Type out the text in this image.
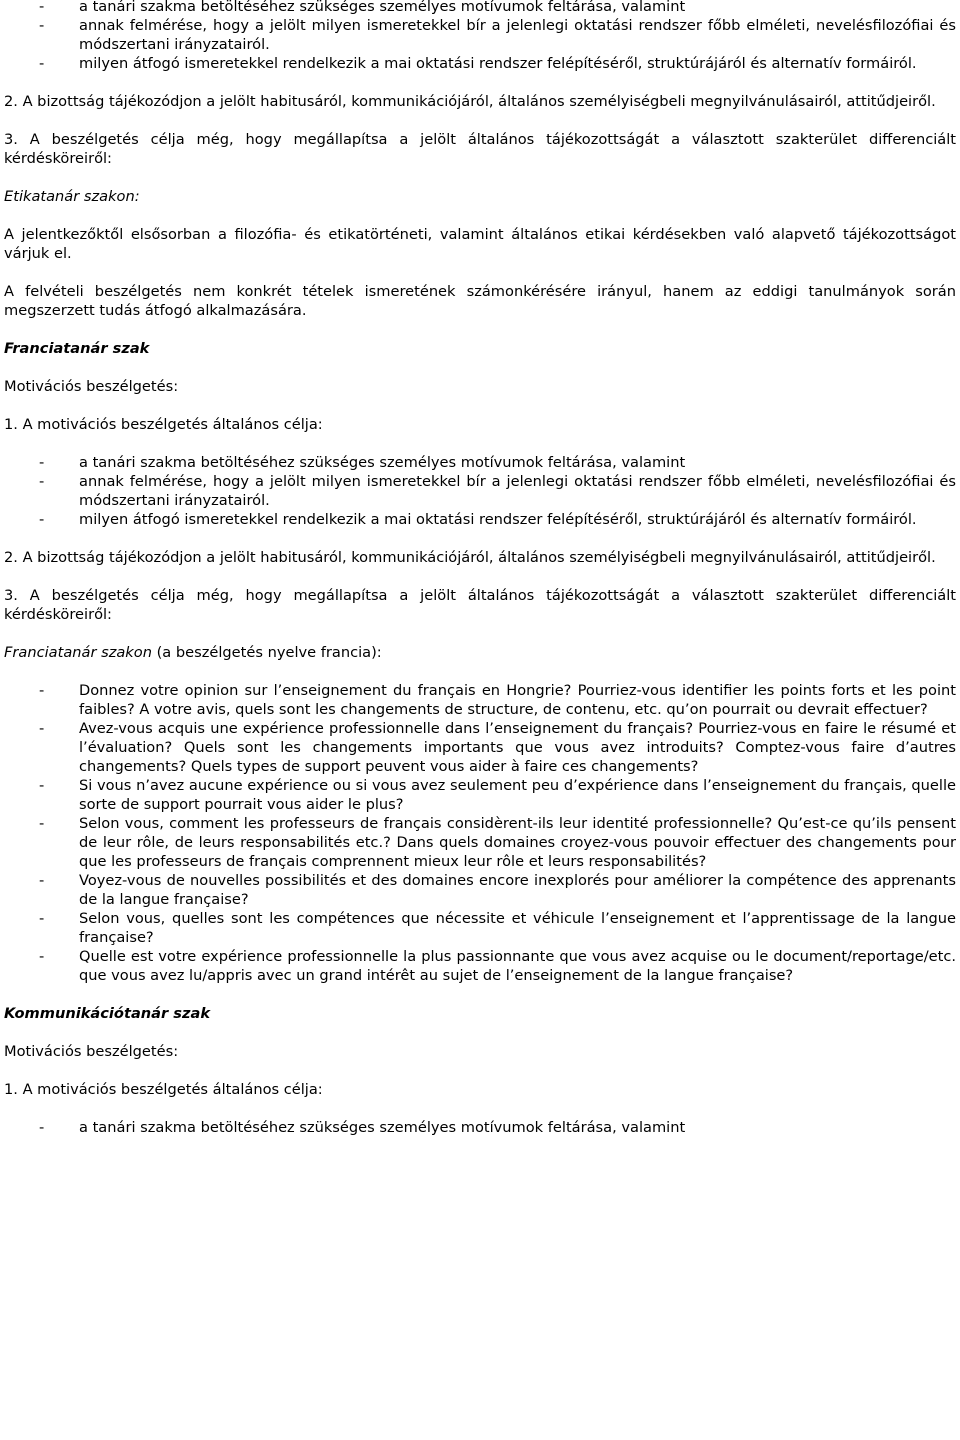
- a tanári szakma betöltéséhez szükséges személyes motívumok feltárása, valamint
- annak felmérése, hogy a jelölt milyen ismeretekkel bír a jelenlegi oktatási rendszer főbb elméleti, nevelésfilozófiai és módszertani irányzatairól.
- milyen átfogó ismeretekkel rendelkezik a mai oktatási rendszer felépítéséről, struktúrájáról és alternatív formáiról.

2. A bizottság tájékozódjon a jelölt habitusáról, kommunikációjáról, általános személyiségbeli megnyilvánulásairól, attitűdjeiről.

3. A beszélgetés célja még, hogy megállapítsa a jelölt általános tájékozottságát a választott szakterület differenciált kérdésköreiről:

Etikatanár szakon:

A jelentkezőktől elsősorban a filozófia- és etikatörténeti, valamint általános etikai kérdésekben való alapvető tájékozottságot várjuk el.

A felvételi beszélgetés nem konkrét tételek ismeretének számonkérésére irányul, hanem az eddigi tanulmányok során megszerzett tudás átfogó alkalmazására.

Franciatanár szak

Motivációs beszélgetés:

1. A motivációs beszélgetés általános célja:

- a tanári szakma betöltéséhez szükséges személyes motívumok feltárása, valamint
- annak felmérése, hogy a jelölt milyen ismeretekkel bír a jelenlegi oktatási rendszer főbb elméleti, nevelésfilozófiai és módszertani irányzatairól.
- milyen átfogó ismeretekkel rendelkezik a mai oktatási rendszer felépítéséről, struktúrájáról és alternatív formáiról.

2. A bizottság tájékozódjon a jelölt habitusáról, kommunikációjáról, általános személyiségbeli megnyilvánulásairól, attitűdjeiről.

3. A beszélgetés célja még, hogy megállapítsa a jelölt általános tájékozottságát a választott szakterület differenciált kérdésköreiről:

Franciatanár szakon (a beszélgetés nyelve francia):

- Donnez votre opinion sur l’enseignement du français en Hongrie? Pourriez-vous identifier les points forts et les point faibles? A votre avis, quels sont les changements de structure, de contenu, etc. qu’on pourrait ou devrait effectuer?
- Avez-vous acquis une expérience professionnelle dans l’enseignement du français? Pourriez-vous en faire le résumé et l’évaluation? Quels sont les changements importants que vous avez introduits? Comptez-vous faire d’autres changements? Quels types de support peuvent vous aider à faire ces changements?
- Si vous n’avez aucune expérience ou si vous avez seulement peu d’expérience dans l’enseignement du français, quelle sorte de support pourrait vous aider le plus?
- Selon vous, comment les professeurs de français considèrent-ils leur identité professionnelle? Qu’est-ce qu’ils pensent de leur rôle, de leurs responsabilités etc.? Dans quels domaines croyez-vous pouvoir effectuer des changements pour que les professeurs de français comprennent mieux leur rôle et leurs responsabilités?
- Voyez-vous de nouvelles possibilités et des domaines encore inexplorés pour améliorer la compétence des apprenants de la langue française?
- Selon vous, quelles sont les compétences que nécessite et véhicule l’enseignement et l’apprentissage de la langue française?
- Quelle est votre expérience professionnelle la plus passionnante que vous avez acquise ou le document/reportage/etc. que vous avez lu/appris avec un grand intérêt au sujet de l’enseignement de la langue française?

Kommunikációtanár szak

Motivációs beszélgetés:

1. A motivációs beszélgetés általános célja:

- a tanári szakma betöltéséhez szükséges személyes motívumok feltárása, valamint
